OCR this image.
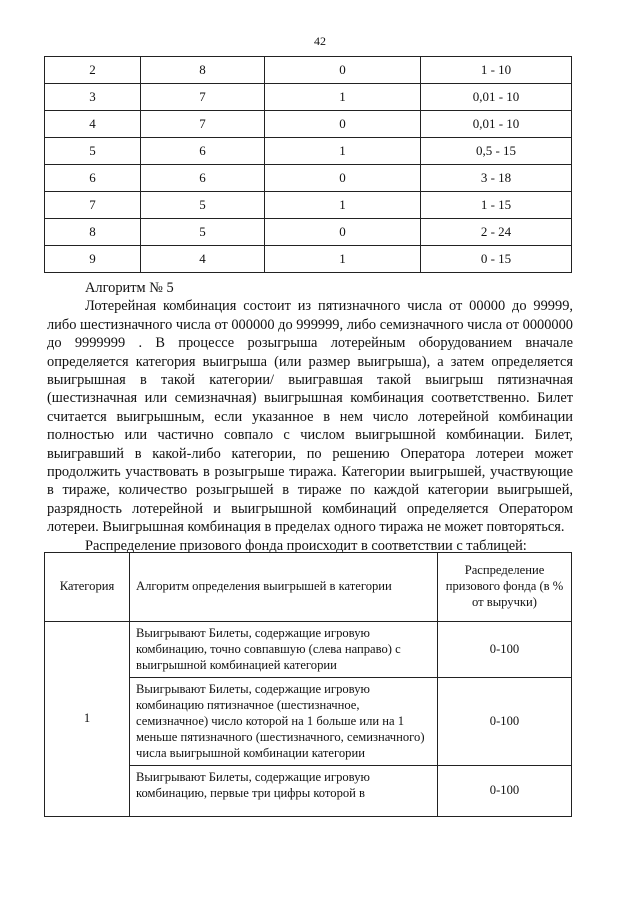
42
2	8	0	1 - 10
3	7	1	0,01 - 10
4	7	0	0,01 - 10
5	6	1	0,5 - 15
6	6	0	3 - 18
7	5	1	1 - 15
8	5	0	2 - 24
9	4	1	0 - 15

Алгоритм № 5

Лотерейная комбинация состоит из пятизначного числа от 00000 до 99999, либо шестизначного числа от 000000 до 999999, либо семизначного числа от 0000000 до 9999999 . В процессе розыгрыша лотерейным оборудованием вначале определяется категория выигрыша (или размер выигрыша), а затем определяется выигрышная в такой категории/ выигравшая такой выигрыш пятизначная (шестизначная или семизначная) выигрышная комбинация соответственно. Билет считается выигрышным, если указанное в нем число лотерейной комбинации полностью или частично совпало с числом выигрышной комбинации. Билет, выигравший в какой-либо категории, по решению Оператора лотереи может продолжить участвовать в розыгрыше тиража. Категории выигрышей, участвующие в тираже, количество розыгрышей в тираже по каждой категории выигрышей, разрядность лотерейной и выигрышной комбинаций определяется Оператором лотереи. Выигрышная комбинация в пределах одного тиража не может повторяться.

Распределение призового фонда происходит в соответствии с таблицей:

Категория	Алгоритм определения выигрышей в категории	Распределение призового фонда (в % от выручки)
1	Выигрывают Билеты, содержащие игровую комбинацию, точно совпавшую (слева направо) с выигрышной комбинацией категории	0-100
	Выигрывают Билеты, содержащие игровую комбинацию пятизначное (шестизначное, семизначное) число которой на 1 больше или на 1 меньше пятизначного (шестизначного, семизначного) числа выигрышной комбинации категории	0-100
	Выигрывают Билеты, содержащие игровую комбинацию, первые три цифры которой в	0-100
